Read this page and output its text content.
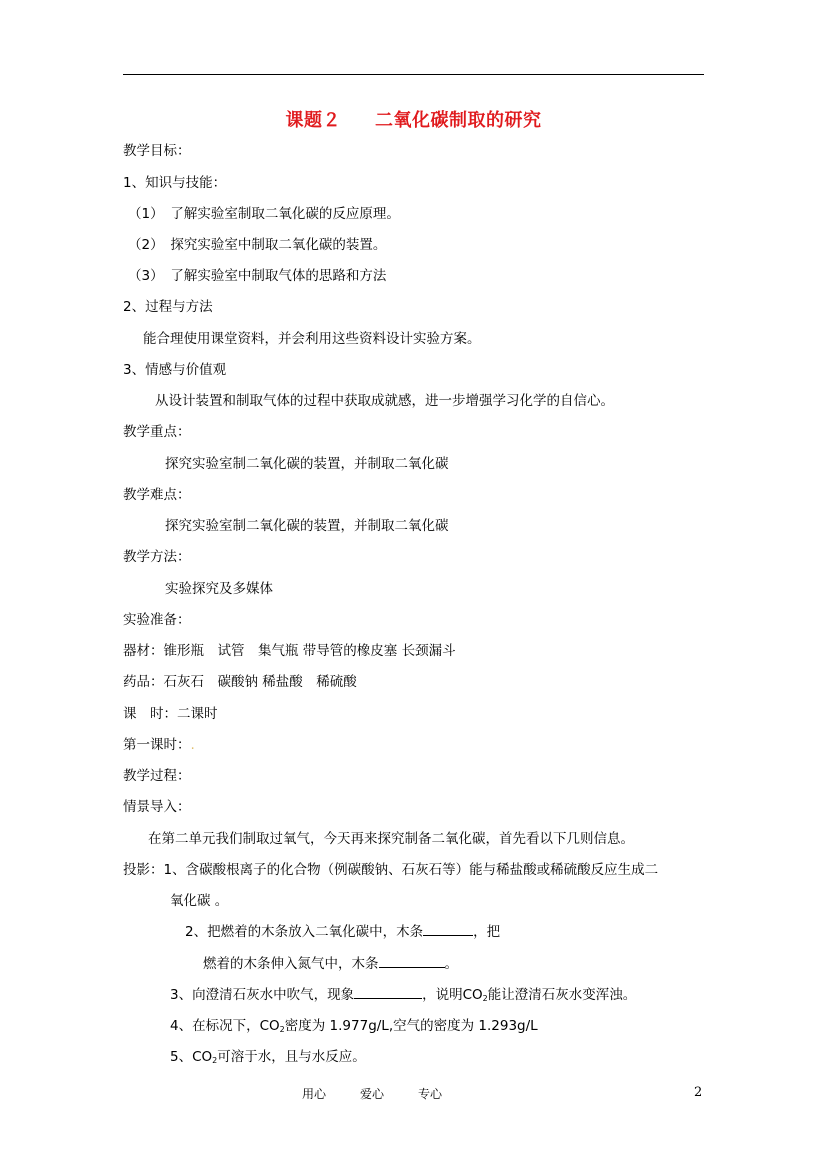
课题２ 二氧化碳制取的研究
教学目标：
1、知识与技能：
（1）　了解实验室制取二氧化碳的反应原理。
（2）　探究实验室中制取二氧化碳的装置。
（3）　了解实验室中制取气体的思路和方法
2、过程与方法
能合理使用课堂资料，并会利用这些资料设计实验方案。
3、情感与价值观
从设计装置和制取气体的过程中获取成就感，进一步增强学习化学的自信心。
教学重点：
探究实验室制二氧化碳的装置，并制取二氧化碳
教学难点：
探究实验室制二氧化碳的装置，并制取二氧化碳
教学方法：
实验探究及多媒体
实验准备：
器材：锥形瓶　试管　集气瓶 带导管的橡皮塞 长颈漏斗
药品：石灰石　碳酸钠 稀盐酸　稀硫酸
课　时：二课时
第一课时：.
教学过程：
情景导入：
在第二单元我们制取过氧气，今天再来探究制备二氧化碳，首先看以下几则信息。
投影：1、含碳酸根离子的化合物（例碳酸钠、石灰石等）能与稀盐酸或稀硫酸反应生成二
氧化碳 。
2、把燃着的木条放入二氧化碳中，木条	，把
燃着的木条伸入氮气中，木条	。
3、向澄清石灰水中吹气，现象	，说明$CO_2$能让澄清石灰水变浑浊。
4、在标况下，$CO_2$密度为 1.977g/L,空气的密度为 1.293g/L
5、$CO_2$可溶于水，且与水反应。
用心	爱心	专心	2
